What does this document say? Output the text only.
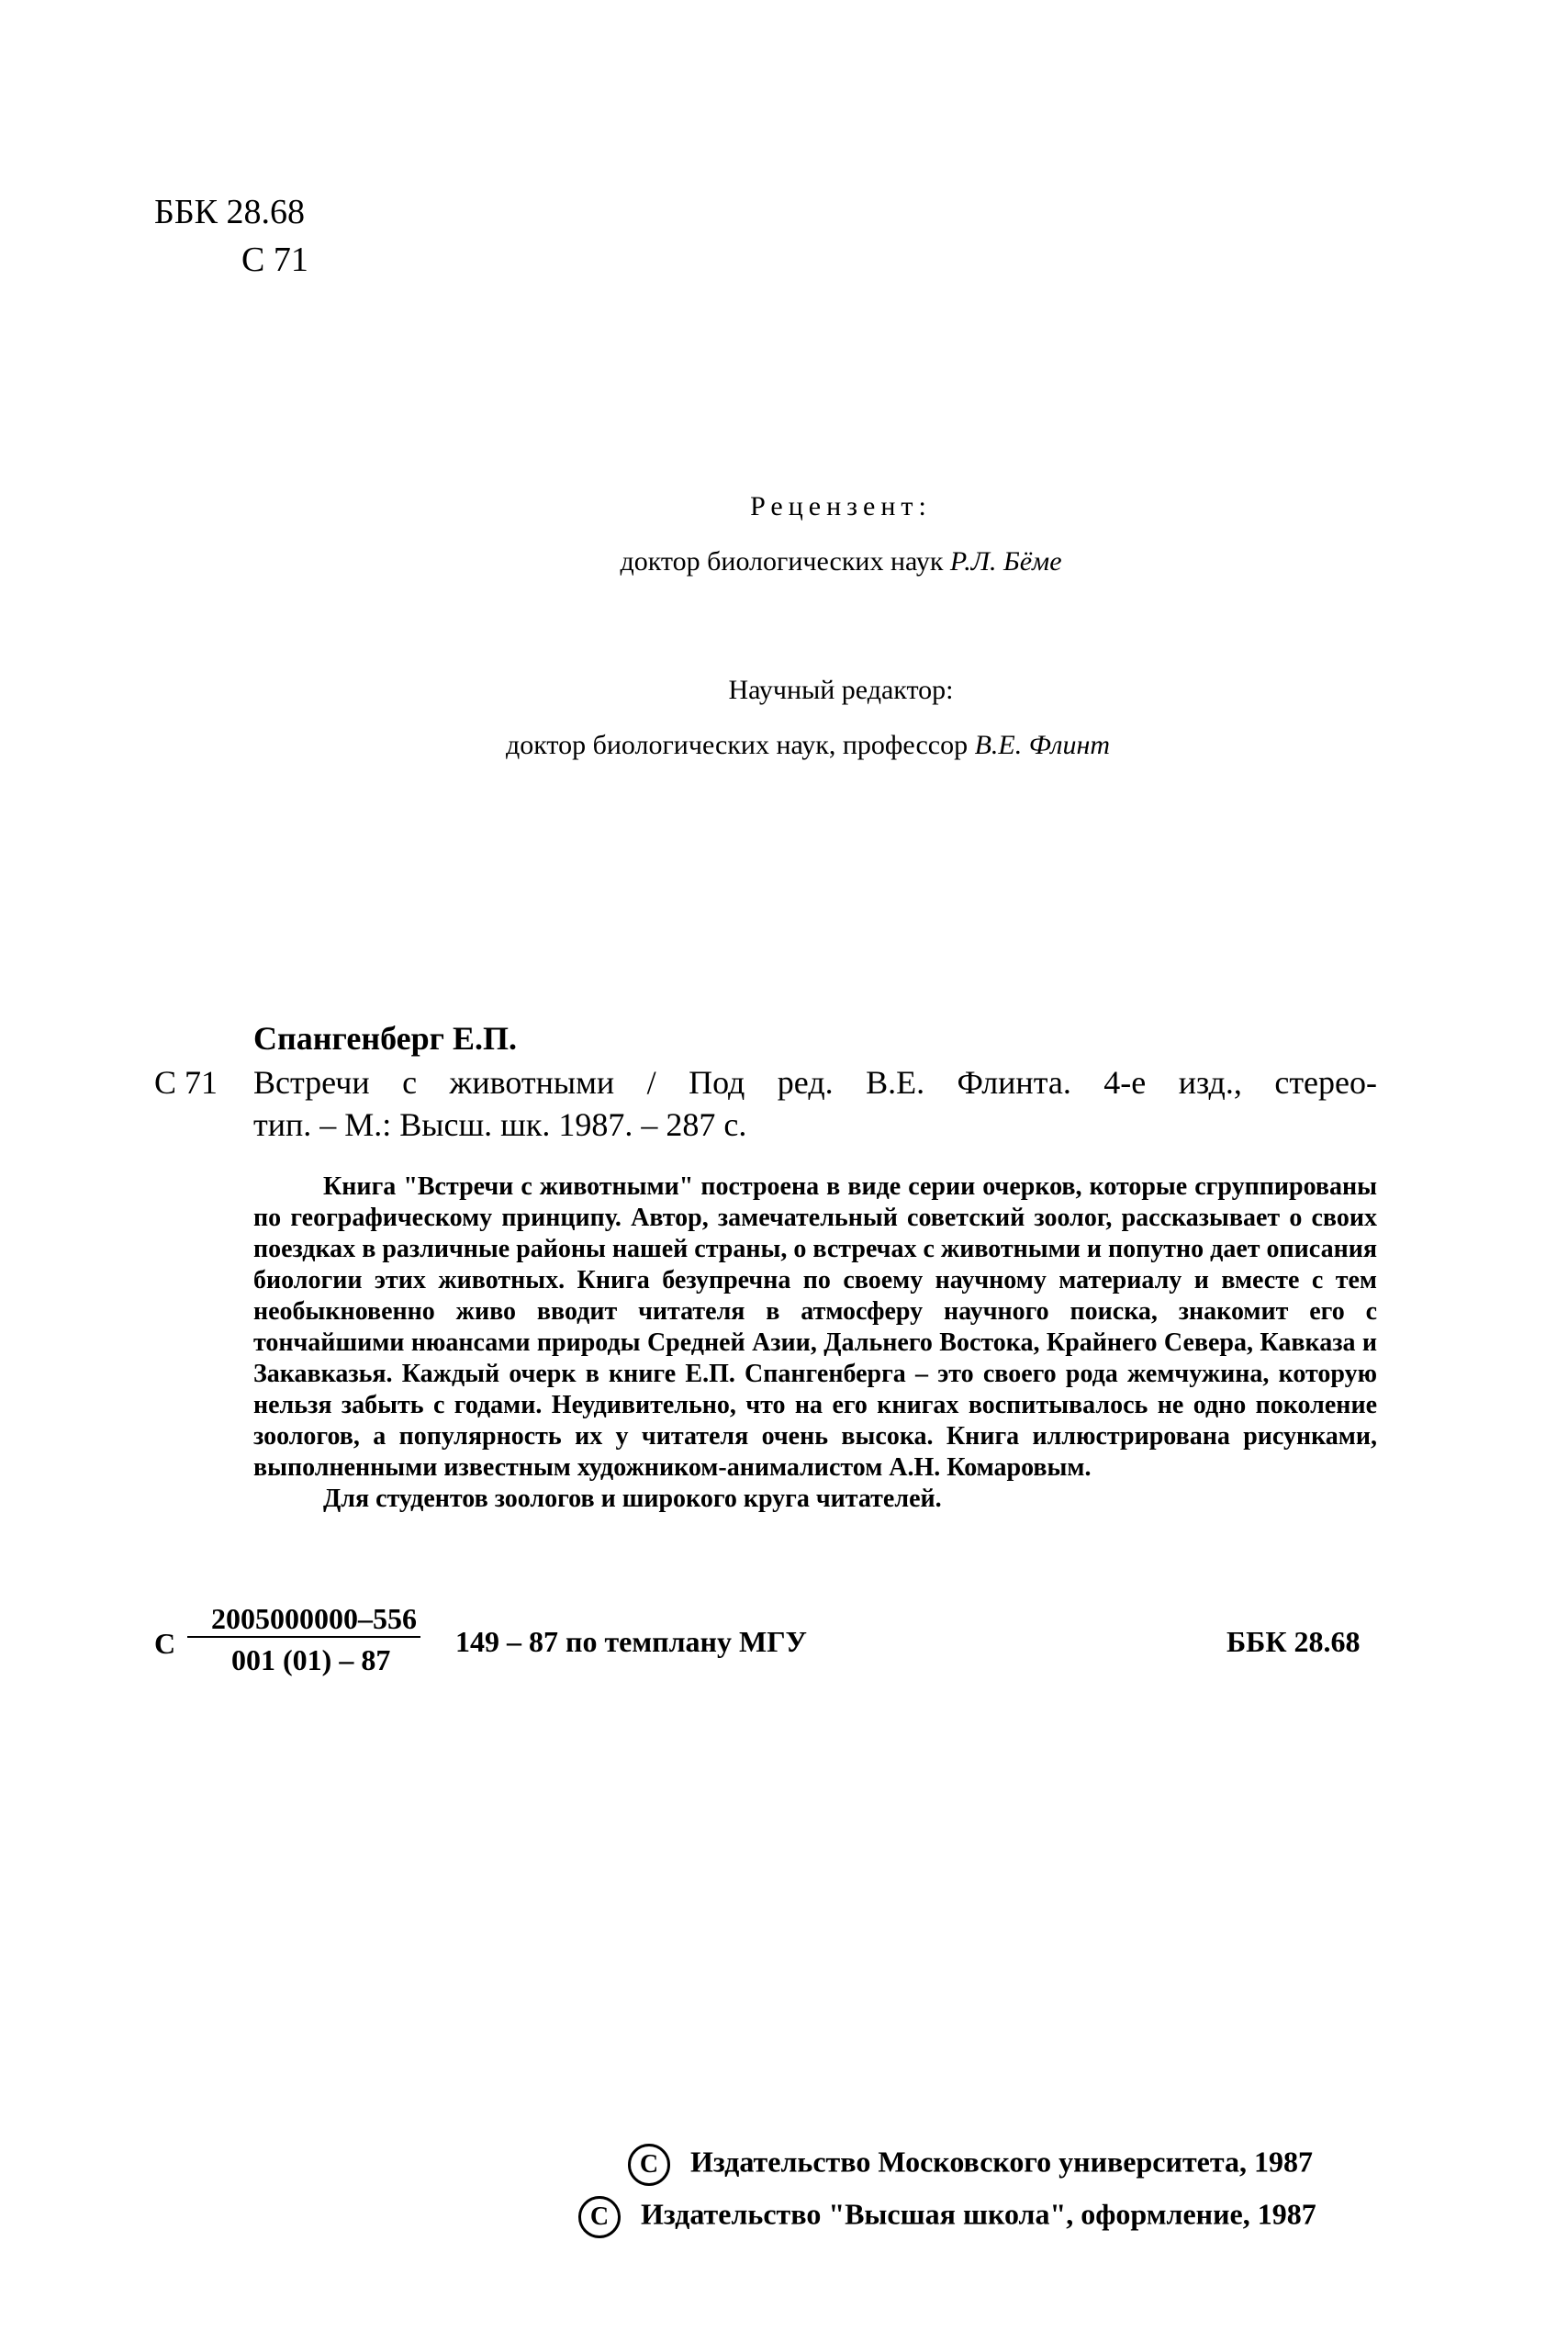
ББК 28.68
С 71
Рецензент:
доктор биологических наук Р.Л. Бёме
Научный редактор:
доктор биологических наук, профессор В.Е. Флинт
Спангенберг Е.П.
С 71 Встречи с животными / Под ред. В.Е. Флинта. 4-е изд., стерео-
тип. – М.: Высш. шк. 1987. – 287 с.

Книга "Встречи с животными" построена в виде серии очерков, которые сгруппированы по географическому принципу. Автор, замечательный советский зоолог, рассказывает о своих поездках в различные районы нашей страны, о встречах с животными и попутно дает описания биологии этих животных. Книга безупречна по своему научному материалу и вместе с тем необыкновенно живо вводит читателя в атмосферу научного поиска, знакомит его с тончайшими нюансами природы Средней Азии, Дальнего Востока, Крайнего Севера, Кавказа и Закавказья. Каждый очерк в книге Е.П. Спангенберга – это своего рода жемчужина, которую нельзя забыть с годами. Неудивительно, что на его книгах воспитывалось не одно поколение зоологов, а популярность их у читателя очень высока. Книга иллюстрирована рисунками, выполненными известным художником-анималистом А.Н. Комаровым.

Для студентов зоологов и широкого круга читателей.

С $\frac{2005000000-556}{001 (01) - 87} 149 - 87$ по темплану МГУ	ББК 28.68
C Издательство Московского университета, 1987
C Издательство "Высшая школа", оформление, 1987
